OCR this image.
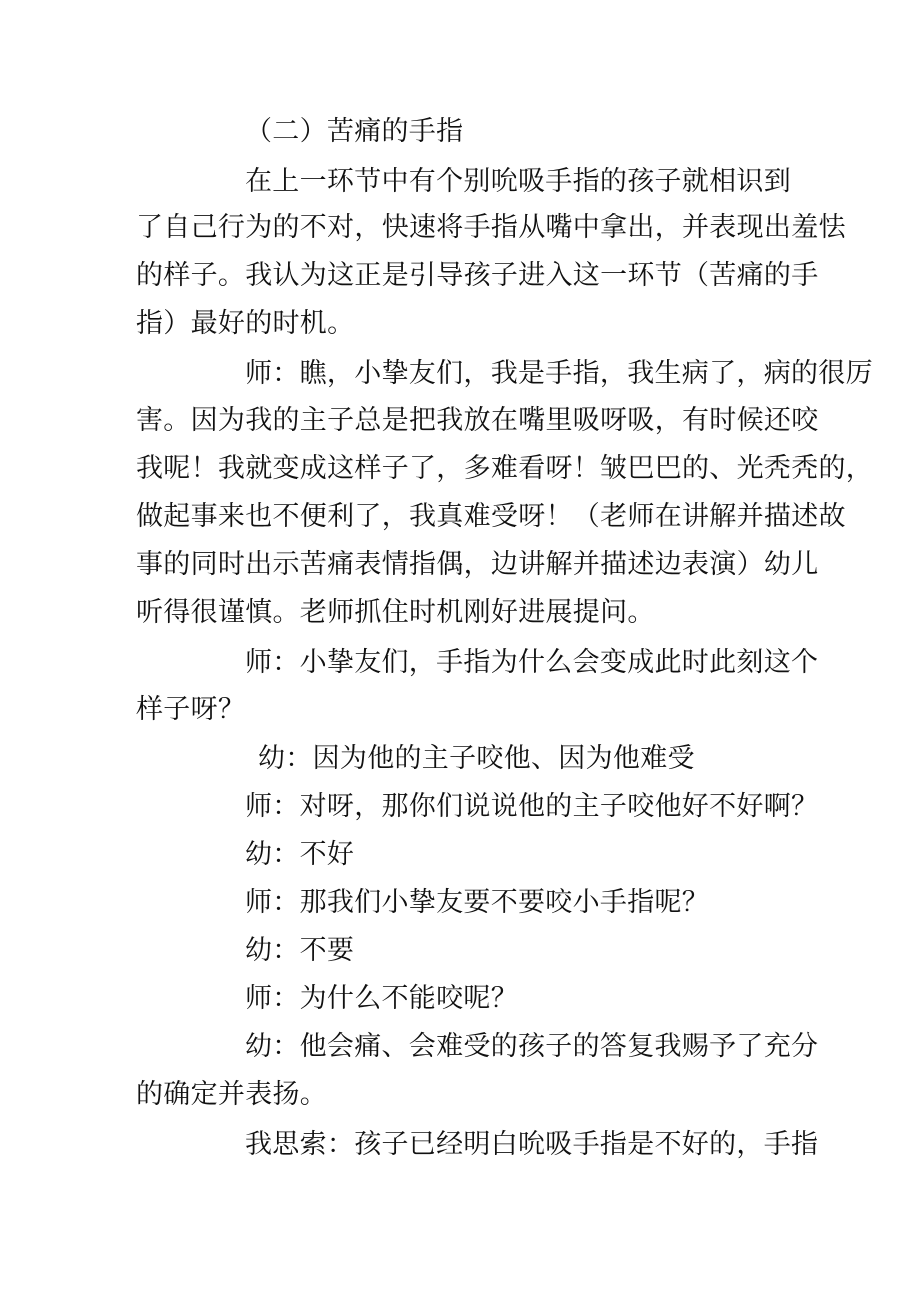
（二）苦痛的手指
在上一环节中有个别吮吸手指的孩子就相识到
了自己行为的不对，快速将手指从嘴中拿出，并表现出羞怯
的样子。我认为这正是引导孩子进入这一环节（苦痛的手
指）最好的时机。
师：瞧，小挚友们，我是手指，我生病了，病的很厉
害。因为我的主子总是把我放在嘴里吸呀吸，有时候还咬
我呢！我就变成这样子了，多难看呀！皱巴巴的、光秃秃的，
做起事来也不便利了，我真难受呀！（老师在讲解并描述故
事的同时出示苦痛表情指偶，边讲解并描述边表演）幼儿
听得很谨慎。老师抓住时机刚好进展提问。
师：小挚友们，手指为什么会变成此时此刻这个
样子呀？
幼：因为他的主子咬他、因为他难受
师：对呀，那你们说说他的主子咬他好不好啊？
幼：不好
师：那我们小挚友要不要咬小手指呢？
幼：不要
师：为什么不能咬呢？
幼：他会痛、会难受的孩子的答复我赐予了充分
的确定并表扬。
我思索：孩子已经明白吮吸手指是不好的，手指
